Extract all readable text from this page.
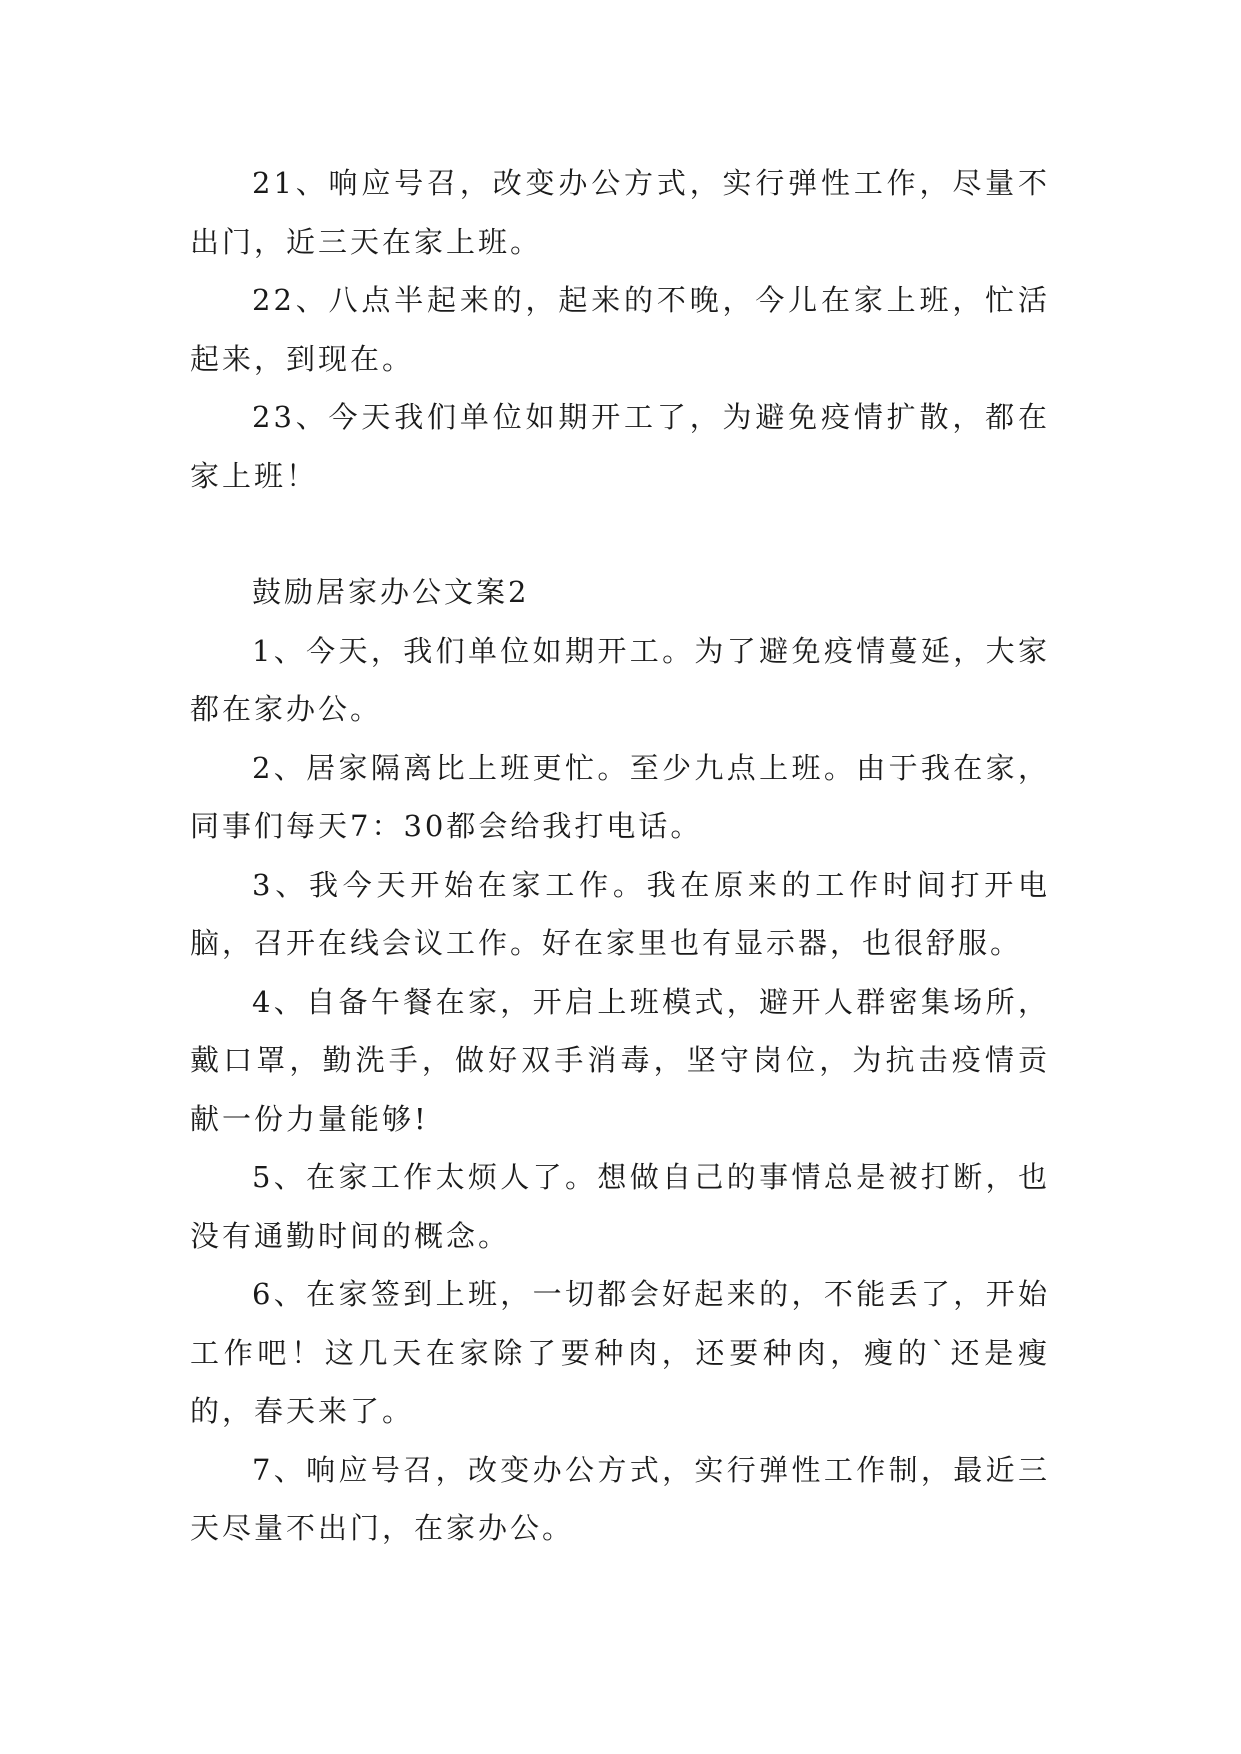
21、响应号召，改变办公方式，实行弹性工作，尽量不出门，近三天在家上班。

22、八点半起来的，起来的不晚，今儿在家上班，忙活起来，到现在。

23、今天我们单位如期开工了，为避免疫情扩散，都在家上班！

鼓励居家办公文案2

1、今天，我们单位如期开工。为了避免疫情蔓延，大家都在家办公。

2、居家隔离比上班更忙。至少九点上班。由于我在家，同事们每天7：30都会给我打电话。

3、我今天开始在家工作。我在原来的工作时间打开电脑，召开在线会议工作。好在家里也有显示器，也很舒服。

4、自备午餐在家，开启上班模式，避开人群密集场所，戴口罩，勤洗手，做好双手消毒，坚守岗位，为抗击疫情贡献一份力量能够!

5、在家工作太烦人了。想做自己的事情总是被打断，也没有通勤时间的概念。

6、在家签到上班，一切都会好起来的，不能丢了，开始工作吧！这几天在家除了要种肉，还要种肉，瘦的`还是瘦的，春天来了。

7、响应号召，改变办公方式，实行弹性工作制，最近三天尽量不出门，在家办公。
